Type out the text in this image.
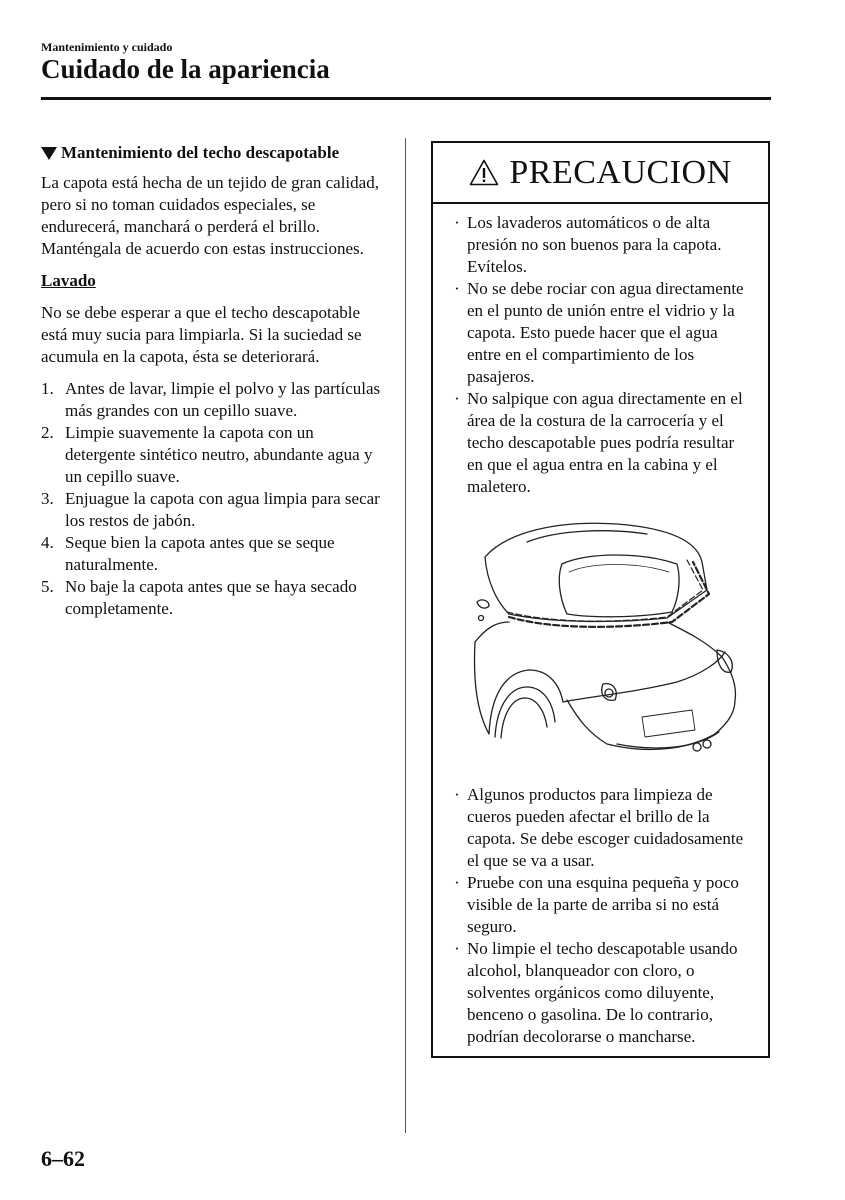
Mantenimiento y cuidado
Cuidado de la apariencia
Mantenimiento del techo descapotable

La capota está hecha de un tejido de gran calidad, pero si no toman cuidados especiales, se endurecerá, manchará o perderá el brillo. Manténgala de acuerdo con estas instrucciones.

Lavado

No se debe esperar a que el techo descapotable está muy sucia para limpiarla. Si la suciedad se acumula en la capota, ésta se deteriorará.

1. Antes de lavar, limpie el polvo y las partículas más grandes con un cepillo suave.
2. Limpie suavemente la capota con un detergente sintético neutro, abundante agua y un cepillo suave.
3. Enjuague la capota con agua limpia para secar los restos de jabón.
4. Seque bien la capota antes que se seque naturalmente.
5. No baje la capota antes que se haya secado completamente.
PRECAUCION
· Los lavaderos automáticos o de alta presión no son buenos para la capota. Evítelos.
· No se debe rociar con agua directamente en el punto de unión entre el vidrio y la capota. Esto puede hacer que el agua entre en el compartimiento de los pasajeros.
· No salpique con agua directamente en el área de la costura de la carrocería y el techo descapotable pues podría resultar en que el agua entra en la cabina y el maletero.
· Algunos productos para limpieza de cueros pueden afectar el brillo de la capota. Se debe escoger cuidadosamente el que se va a usar.
· Pruebe con una esquina pequeña y poco visible de la parte de arriba si no está seguro.
· No limpie el techo descapotable usando alcohol, blanqueador con cloro, o solventes orgánicos como diluyente, benceno o gasolina. De lo contrario, podrían decolorarse o mancharse.
6–62
